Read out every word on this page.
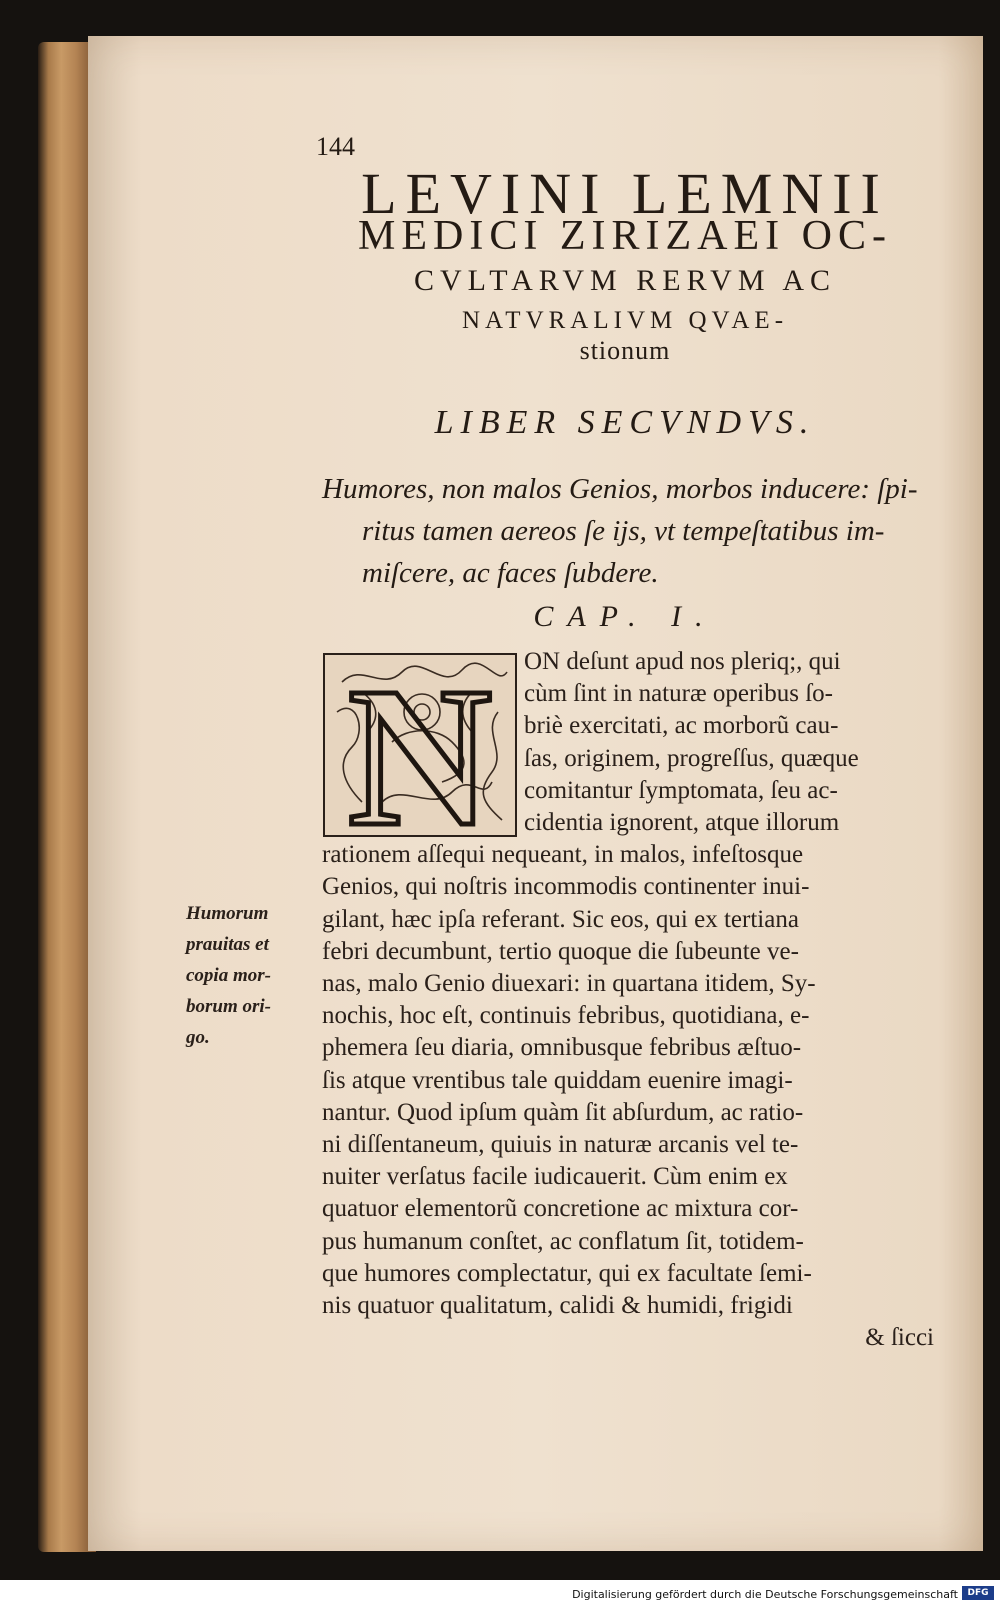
144
LEVINI LEMNII
MEDICI ZIRIZAEI OC-
CVLTARVM RERVM AC
NATVRALIVM QVAE-
stionum
LIBER SECVNDVS.
Humores, non malos Genios, morbos inducere: ſpi-
ritus tamen aereos ſe ijs, vt tempeſtatibus im-
miſcere, ac faces ſubdere.
CAP. I.
N	ON deſunt apud nos pleriq;, qui
cùm ſint in naturæ operibus ſo-
briè exercitati, ac morborũ cau-
ſas, originem, progreſſus, quæque
comitantur ſymptomata, ſeu ac-
cidentia ignorent, atque illorum
rationem aſſequi nequeant, in malos, infeſtosque
Genios, qui noſtris incommodis continenter inui-
gilant, hæc ipſa referant. Sic eos, qui ex tertiana
febri decumbunt, tertio quoque die ſubeunte ve-
nas, malo Genio diuexari: in quartana itidem, Sy-
nochis, hoc eſt, continuis febribus, quotidiana, e-
phemera ſeu diaria, omnibusque febribus æſtuo-
ſis atque vrentibus tale quiddam euenire imagi-
nantur. Quod ipſum quàm ſit abſurdum, ac ratio-
ni diſſentaneum, quiuis in naturæ arcanis vel te-
nuiter verſatus facile iudicauerit. Cùm enim ex
quatuor elementorũ concretione ac mixtura cor-
pus humanum conſtet, ac conflatum ſit, totidem-
que humores complectatur, qui ex facultate ſemi-
nis quatuor qualitatum, calidi & humidi, frigidi
& ſicci
Humorum
prauitas et
copia mor-
borum ori-
go.
Digitalisierung gefördert durch die Deutsche Forschungsgemeinschaft	DFG
